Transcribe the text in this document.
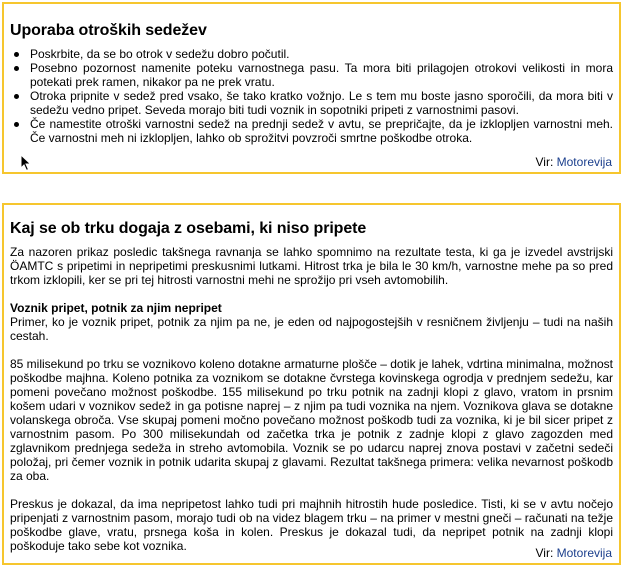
Uporaba otroških sedežev
Poskrbite, da se bo otrok v sedežu dobro počutil.
Posebno pozornost namenite poteku varnostnega pasu. Ta mora biti prilagojen otrokovi velikosti in mora potekati prek ramen, nikakor pa ne prek vratu.
Otroka pripnite v sedež pred vsako, še tako kratko vožnjo. Le s tem mu boste jasno sporočili, da mora biti v sedežu vedno pripet. Seveda morajo biti tudi voznik in sopotniki pripeti z varnostnimi pasovi.
Če namestite otroški varnostni sedež na prednji sedež v avtu, se prepričajte, da je izklopljen varnostni meh. Če varnostni meh ni izklopljen, lahko ob sprožitvi povzroči smrtne poškodbe otroka.
Vir: Motorevija
Kaj se ob trku dogaja z osebami, ki niso pripete

Za nazoren prikaz posledic takšnega ravnanja se lahko spomnimo na rezultate testa, ki ga je izvedel avstrijski ÖAMTC s pripetimi in nepripetimi preskusnimi lutkami. Hitrost trka je bila le 30 km/h, varnostne mehe pa so pred trkom izklopili, ker se pri tej hitrosti varnostni mehi ne sprožijo pri vseh avtomobilih.

Voznik pripet, potnik za njim nepripet

Primer, ko je voznik pripet, potnik za njim pa ne, je eden od najpogostejših v resničnem življenju – tudi na naših cestah.

85 milisekund po trku se voznikovo koleno dotakne armaturne plošče – dotik je lahek, vdrtina minimalna, možnost poškodbe majhna. Koleno potnika za voznikom se dotakne čvrstega kovinskega ogrodja v prednjem sedežu, kar pomeni povečano možnost poškodbe. 155 milisekund po trku potnik na zadnji klopi z glavo, vratom in prsnim košem udari v voznikov sedež in ga potisne naprej – z njim pa tudi voznika na njem. Voznikova glava se dotakne volanskega obroča. Vse skupaj pomeni močno povečano možnost poškodb tudi za voznika, ki je bil sicer pripet z varnostnim pasom. Po 300 milisekundah od začetka trka je potnik z zadnje klopi z glavo zagozden med zglavnikom prednjega sedeža in streho avtomobila. Voznik se po udarcu naprej znova postavi v začetni sedeči položaj, pri čemer voznik in potnik udarita skupaj z glavami. Rezultat takšnega primera: velika nevarnost poškodb za oba.

Preskus je dokazal, da ima nepripetost lahko tudi pri majhnih hitrostih hude posledice. Tisti, ki se v avtu nočejo pripenjati z varnostnim pasom, morajo tudi ob na videz blagem trku – na primer v mestni gneči – računati na težje poškodbe glave, vratu, prsnega koša in kolen. Preskus je dokazal tudi, da nepripet potnik na zadnji klopi poškoduje tako sebe kot voznika.	Vir: Motorevija
